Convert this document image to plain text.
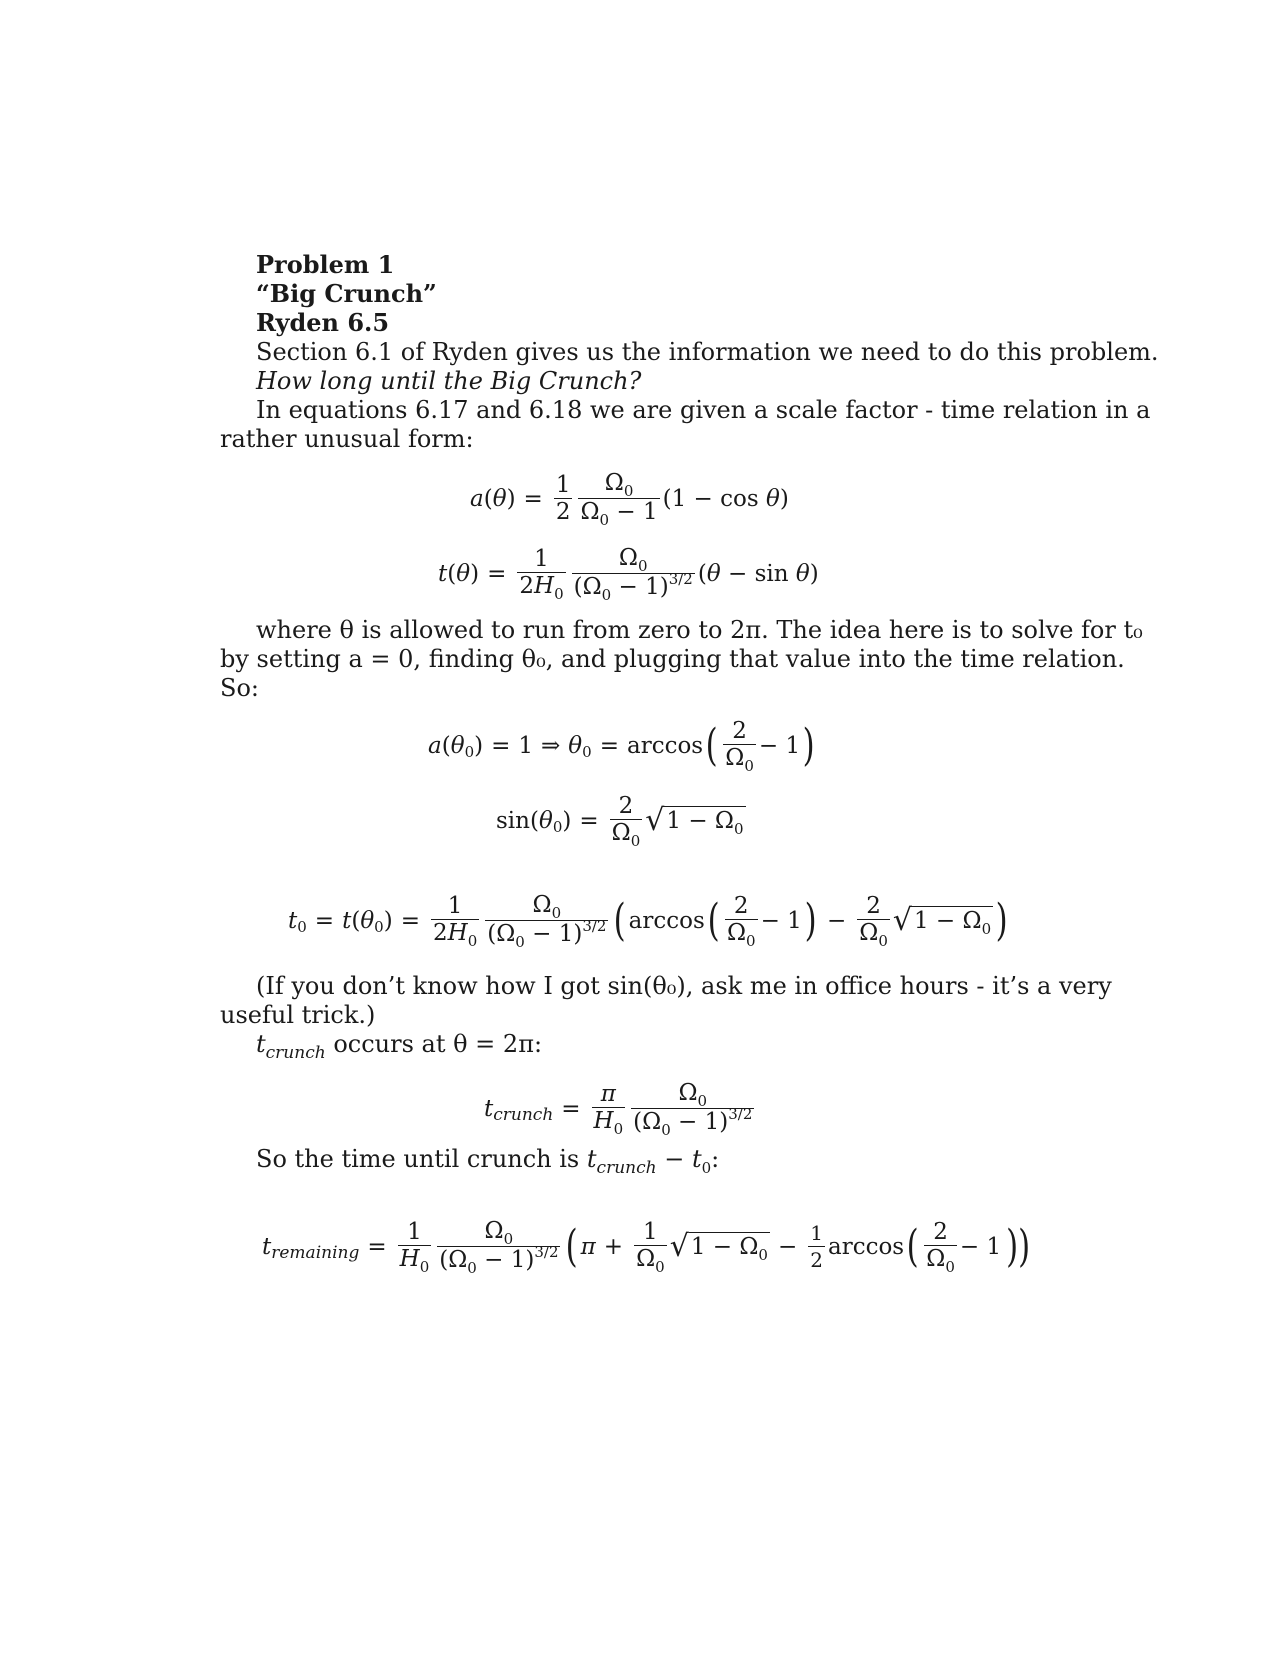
Problem 1
“Big Crunch”
Ryden 6.5
Section 6.1 of Ryden gives us the information we need to do this problem.
How long until the Big Crunch?
In equations 6.17 and 6.18 we are given a scale factor - time relation in a
rather unusual form:
a ( θ ) = $\frac{1}{2} \frac{\Omega_0}{\Omega_0 - 1} (1 - \cos \theta)$
t ( θ ) = $\frac{1}{2H_0} \frac{\Omega_0}{(\Omega_0 - 1)^{3/2}} (\theta - \sin \theta)$
where θ is allowed to run from zero to 2π. The idea here is to solve for t₀
by setting a = 0, finding θ₀, and plugging that value into the time relation.
So:
a ( θ 0 ) = 1 ⇒ θ 0 = arccos ( $\frac{2}{\Omega_0} - 1$ )
sin( θ 0 ) = $\frac{2}{\Omega_0}$ √ $1 - \Omega_0$
t 0 = t ( θ 0 ) = $\frac{1}{2H_0} \frac{\Omega_0}{(\Omega_0 - 1)^{3/2}}$ ( arccos ( $\frac{2}{\Omega_0} - 1$ ) − $\frac{2}{\Omega_0}$ √ $1 - \Omega_0$ )
(If you don’t know how I got sin(θ₀), ask me in office hours - it’s a very
useful trick.)
$t_{crunch}$ occurs at θ = 2π:
t crunch = $\frac{\pi}{H_0} \frac{\Omega_0}{(\Omega_0 - 1)^{3/2}}$
So the time until crunch is $t_{crunch} - t_0$:
t remaining = $\frac{1}{H_0} \frac{\Omega_0}{(\Omega_0 - 1)^{3/2}}$ ( $\pi + \frac{1}{\Omega_0}$ √ $1 - \Omega_0 - \frac{1}{2}$ arccos ( $\frac{2}{\Omega_0} - 1$ ))
